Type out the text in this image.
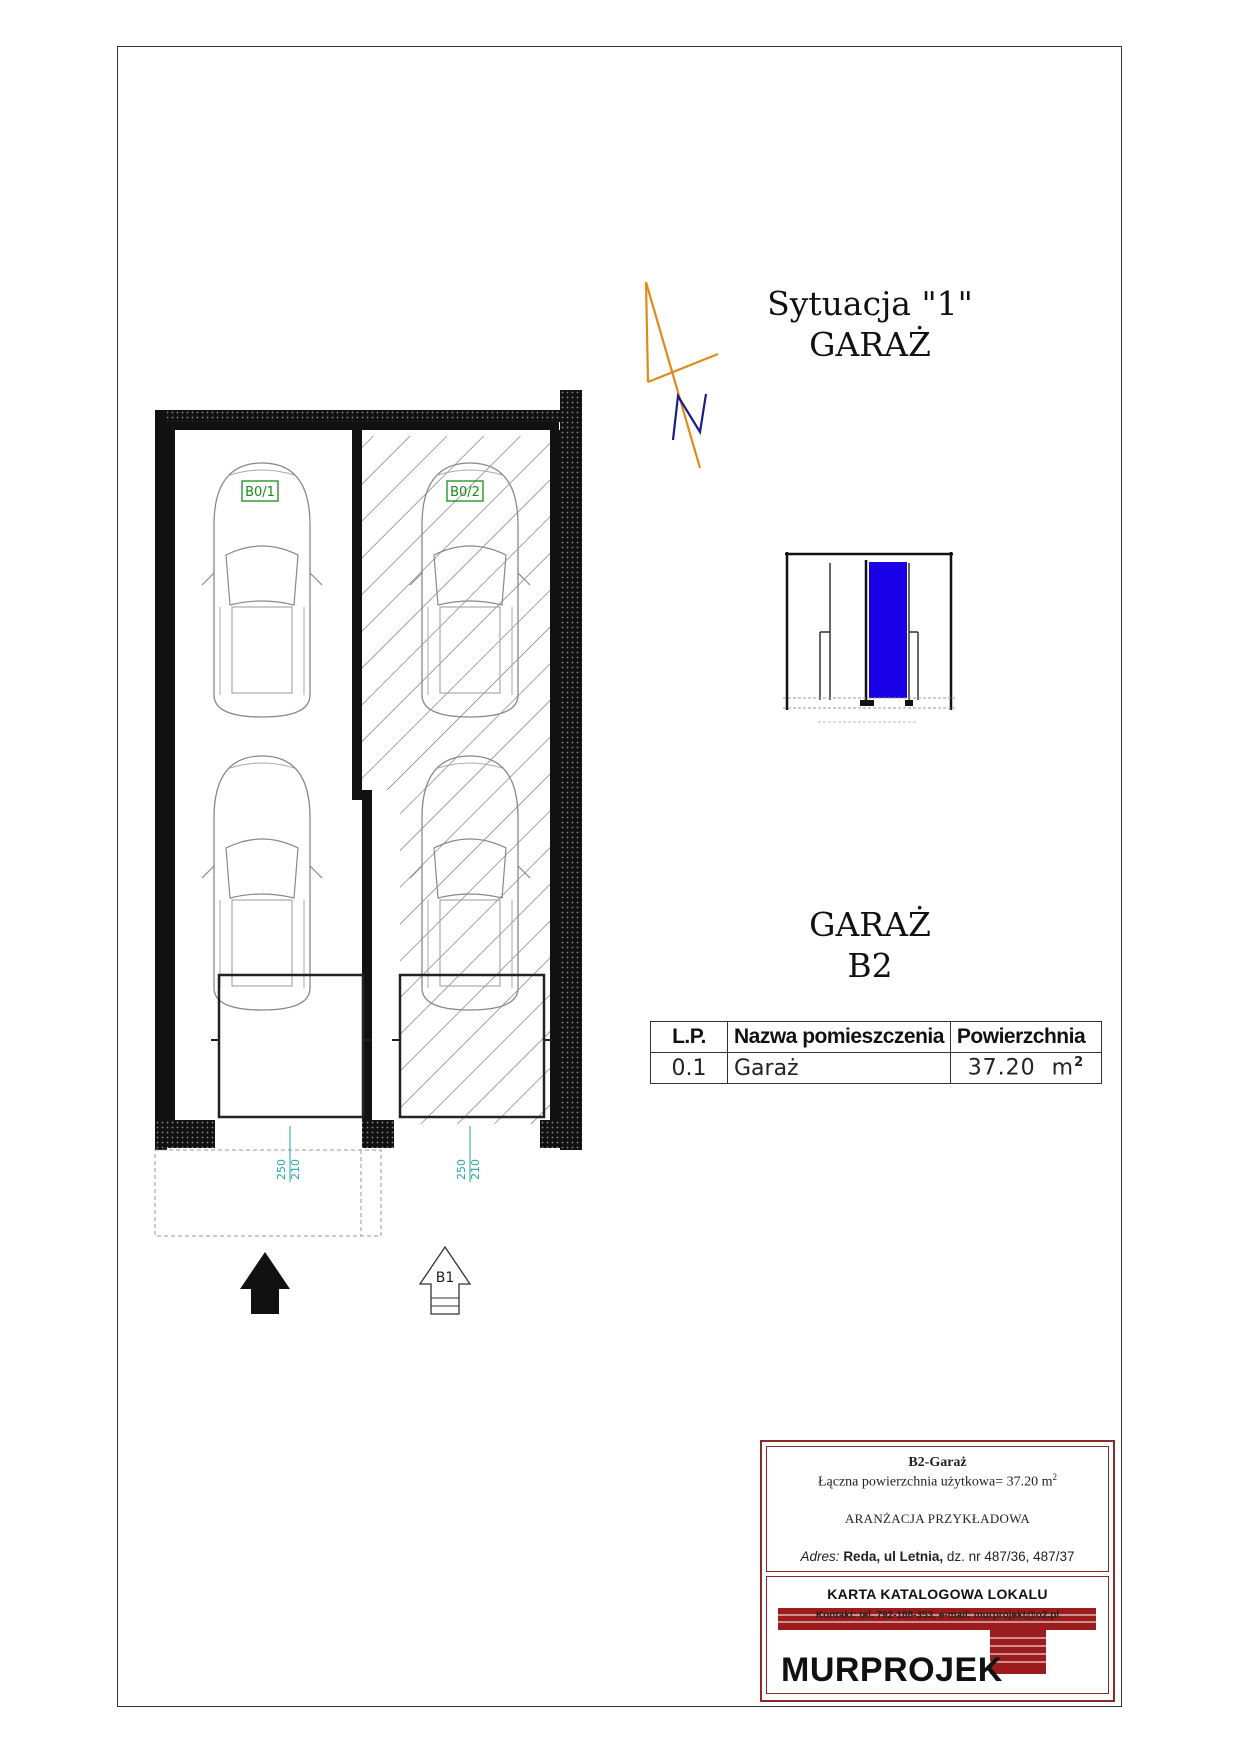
B0/1	B0/2
250 210	250 210
B1
Sytuacja "1"
GARAŻ
GARAŻ
B2
L.P.	Nazwa pomieszczenia	Powierzchnia
0.1	Garaż	37.20 $m^2$
B2-Garaż
Łączna powierzchnia użytkowa= 37.20 $m^2$
ARANŻACJA PRZYKŁADOWA
Adres: Reda, ul Letnia, dz. nr 487/36, 487/37
KARTA KATALOGOWA LOKALU
Kontakt: tel. 792-188-353, e-mail: murprojekt@o2.pl
MURPROJEK
